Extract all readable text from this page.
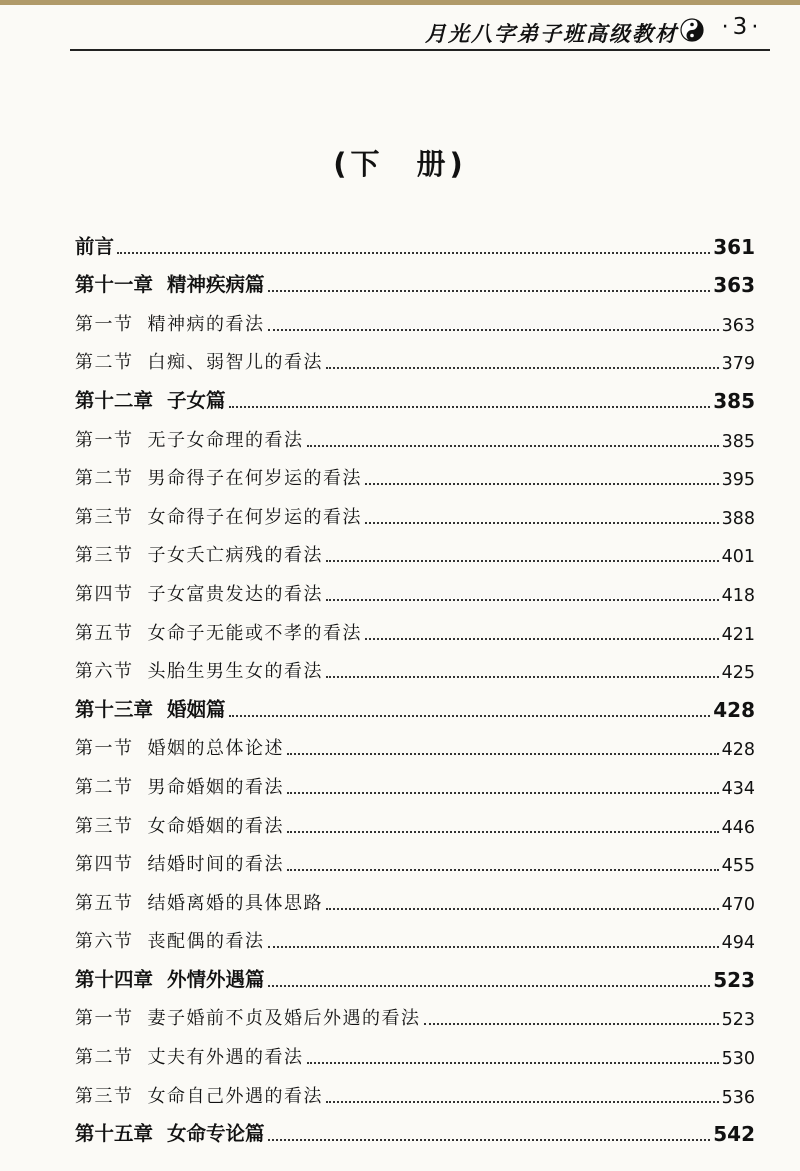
月光八字弟子班高级教材	· 3 ·
(下　册)
前言	361
第十一章 精神疾病篇	363
第一节 精神病的看法	363
第二节 白痴、弱智儿的看法	379
第十二章 子女篇	385
第一节 无子女命理的看法	385
第二节 男命得子在何岁运的看法	395
第三节 女命得子在何岁运的看法	388
第三节 子女夭亡病残的看法	401
第四节 子女富贵发达的看法	418
第五节 女命子无能或不孝的看法	421
第六节 头胎生男生女的看法	425
第十三章 婚姻篇	428
第一节 婚姻的总体论述	428
第二节 男命婚姻的看法	434
第三节 女命婚姻的看法	446
第四节 结婚时间的看法	455
第五节 结婚离婚的具体思路	470
第六节 丧配偶的看法	494
第十四章 外情外遇篇	523
第一节 妻子婚前不贞及婚后外遇的看法	523
第二节 丈夫有外遇的看法	530
第三节 女命自己外遇的看法	536
第十五章 女命专论篇	542
